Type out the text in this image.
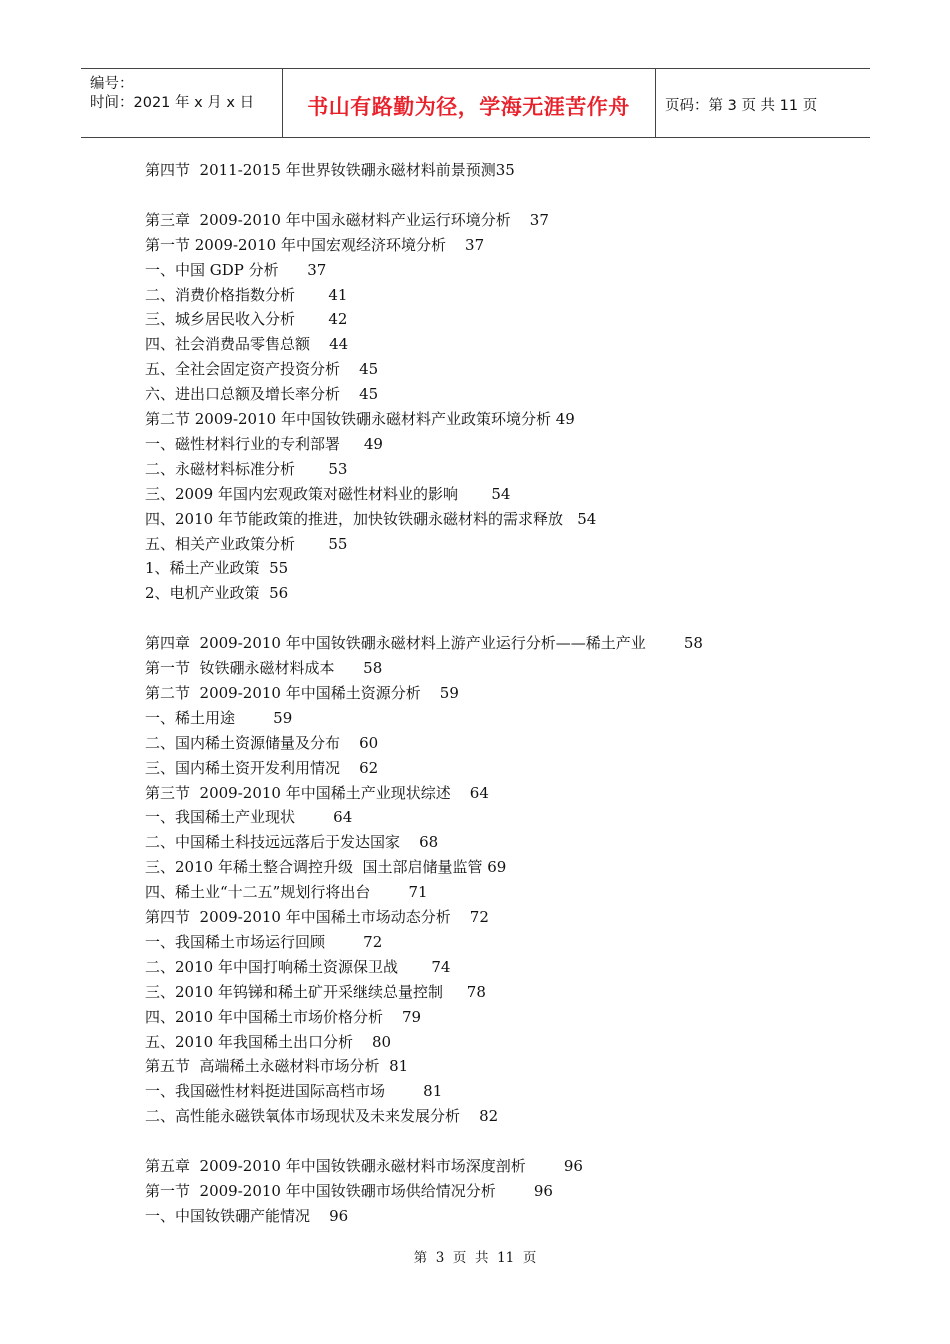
编号：
时间：2021 年 x 月 x 日	书山有路勤为径，学海无涯苦作舟	页码：第 3 页 共 11 页
第四节  2011-2015 年世界钕铁硼永磁材料前景预测35
第三章  2009-2010 年中国永磁材料产业运行环境分析    37
第一节 2009-2010 年中国宏观经济环境分析    37
一、中国 GDP 分析      37
二、消费价格指数分析       41
三、城乡居民收入分析       42
四、社会消费品零售总额    44
五、全社会固定资产投资分析    45
六、进出口总额及增长率分析    45
第二节 2009-2010 年中国钕铁硼永磁材料产业政策环境分析 49
一、磁性材料行业的专利部署     49
二、永磁材料标准分析       53
三、2009 年国内宏观政策对磁性材料业的影响       54
四、2010 年节能政策的推进，加快钕铁硼永磁材料的需求释放   54
五、相关产业政策分析       55
1、稀土产业政策  55
2、电机产业政策  56
第四章  2009-2010 年中国钕铁硼永磁材料上游产业运行分析——稀土产业        58
第一节  钕铁硼永磁材料成本      58
第二节  2009-2010 年中国稀土资源分析    59
一、稀土用途        59
二、国内稀土资源储量及分布    60
三、国内稀土资开发利用情况    62
第三节  2009-2010 年中国稀土产业现状综述    64
一、我国稀土产业现状        64
二、中国稀土科技远远落后于发达国家    68
三、2010 年稀土整合调控升级  国土部启储量监管 69
四、稀土业“十二五”规划行将出台        71
第四节  2009-2010 年中国稀土市场动态分析    72
一、我国稀土市场运行回顾        72
二、2010 年中国打响稀土资源保卫战       74
三、2010 年钨锑和稀土矿开采继续总量控制     78
四、2010 年中国稀土市场价格分析    79
五、2010 年我国稀土出口分析    80
第五节  高端稀土永磁材料市场分析  81
一、我国磁性材料挺进国际高档市场        81
二、高性能永磁铁氧体市场现状及未来发展分析    82
第五章  2009-2010 年中国钕铁硼永磁材料市场深度剖析        96
第一节  2009-2010 年中国钕铁硼市场供给情况分析        96
一、中国钕铁硼产能情况    96
第  3  页  共  11  页
